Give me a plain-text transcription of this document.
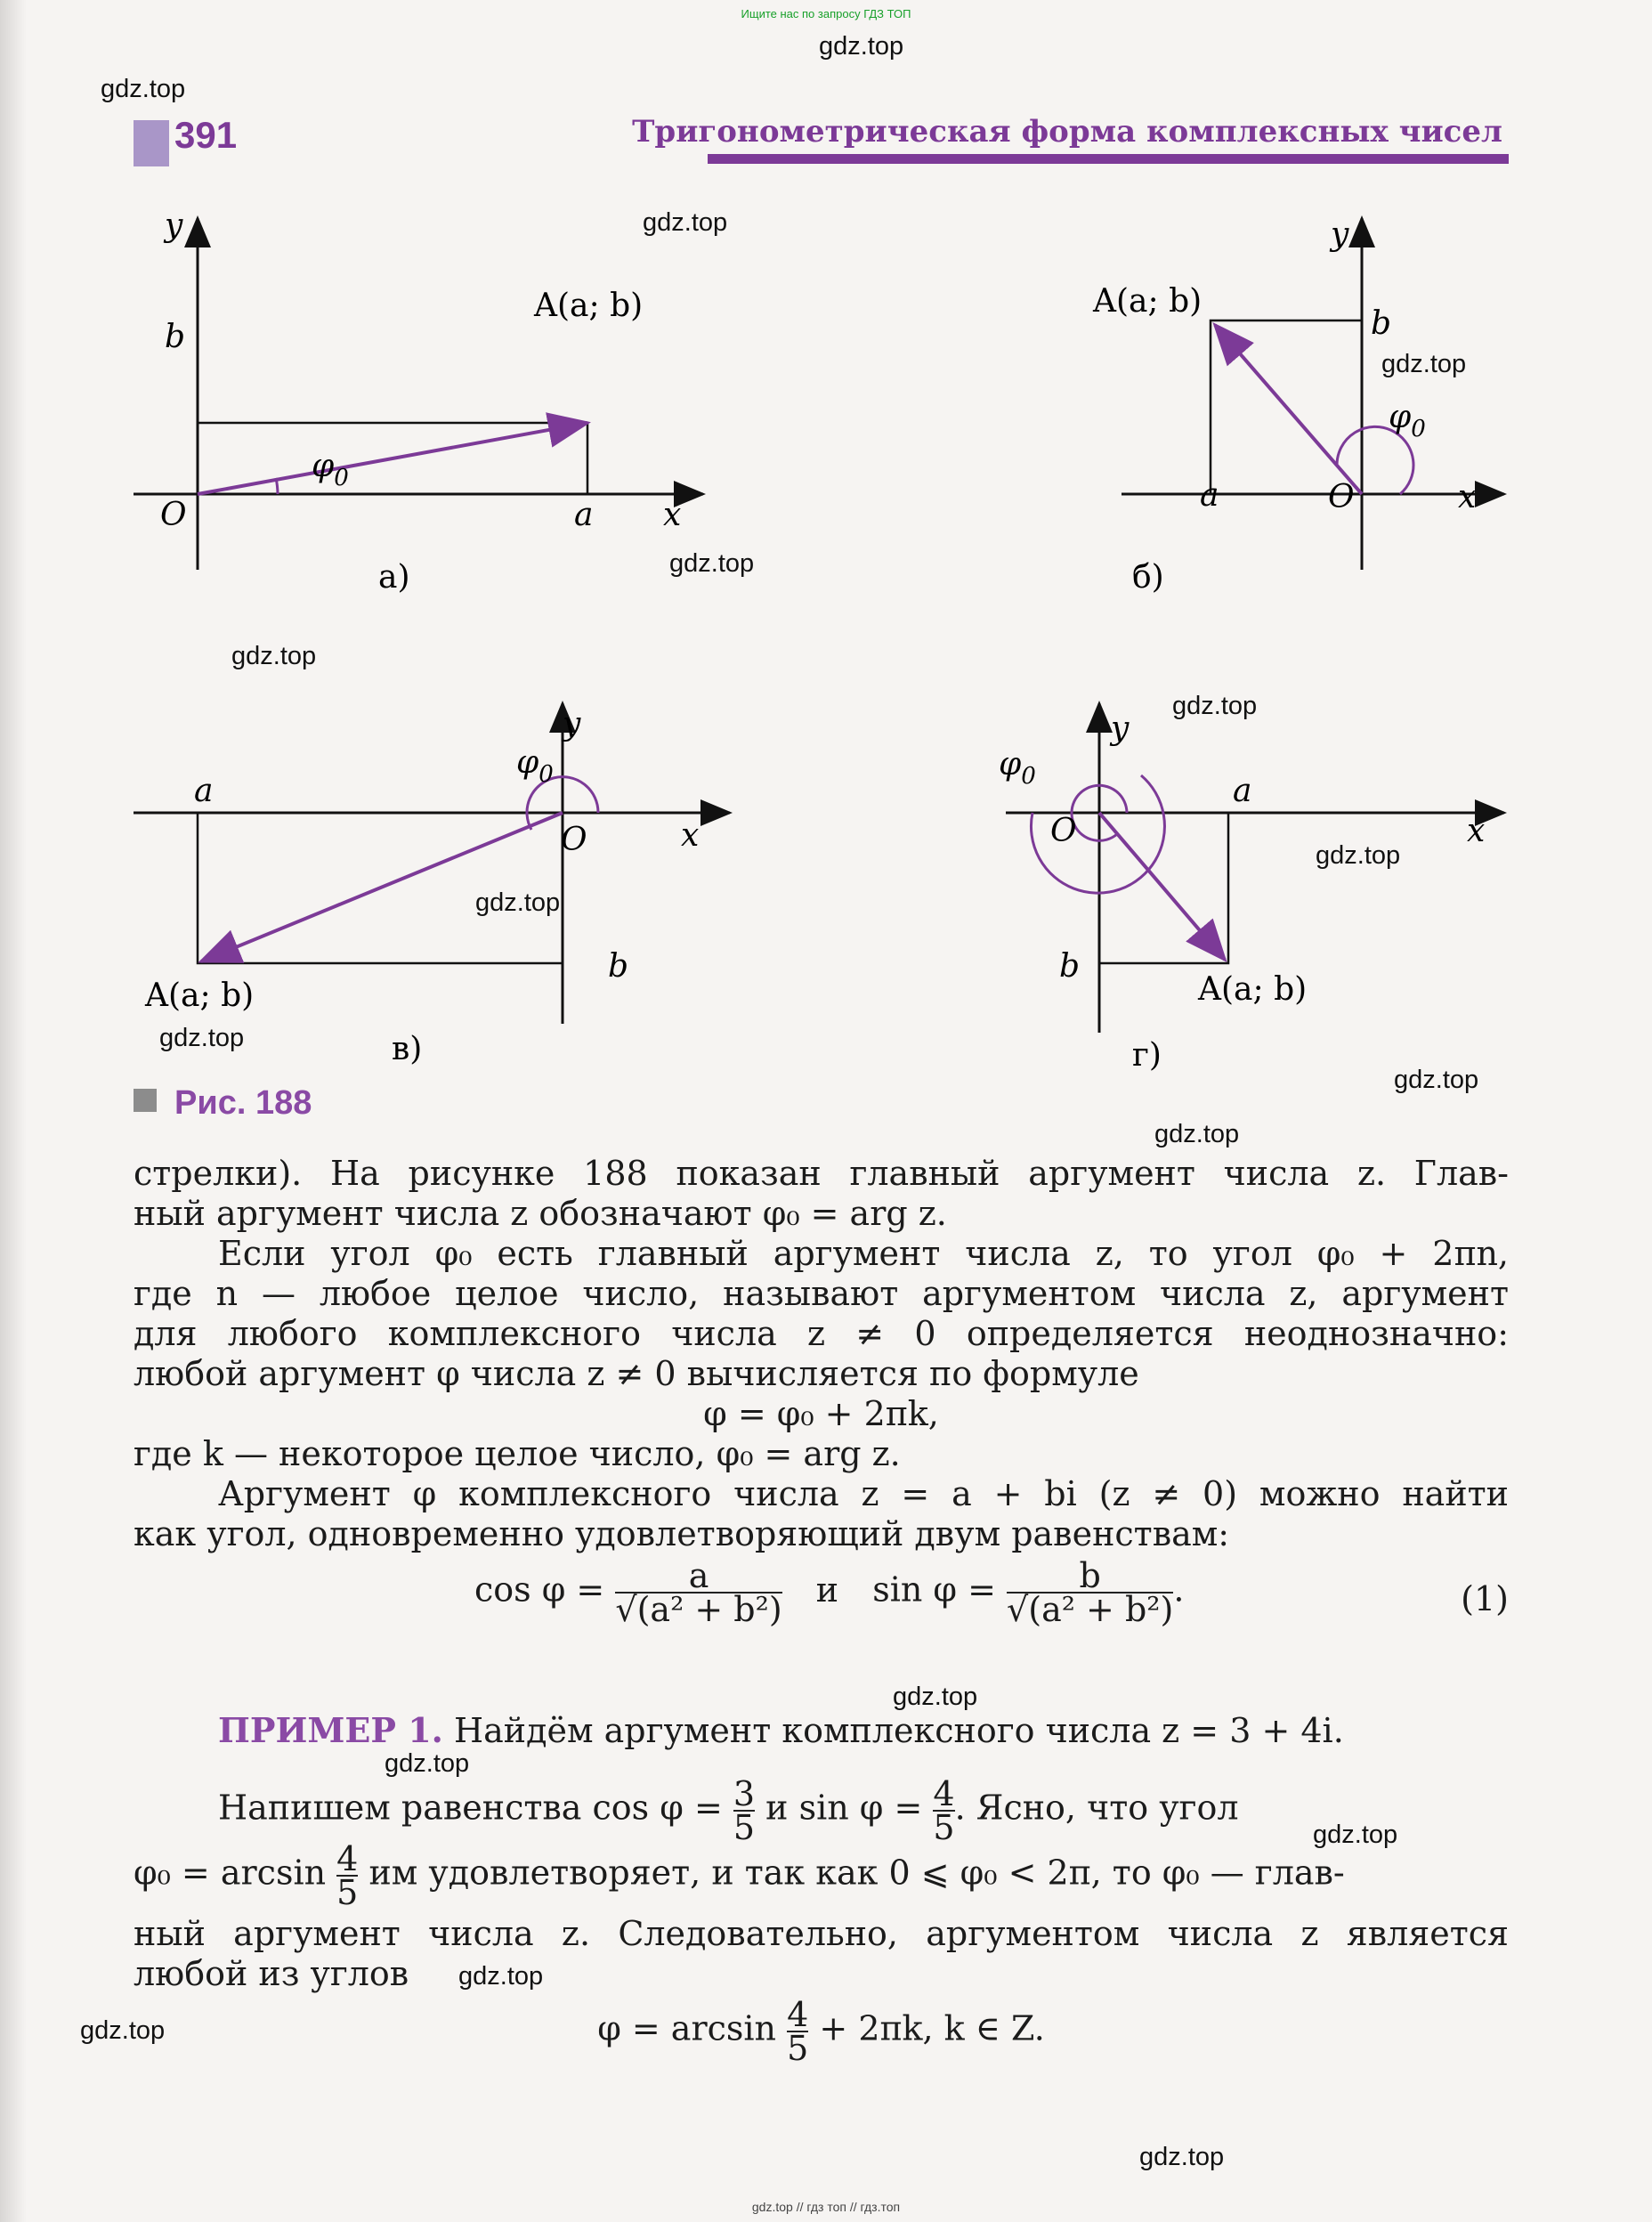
Ищите нас по запросу ГДЗ ТОП
gdz.top
gdz.top
391	Тригонометрическая форма комплексных чисел
y
b
A(a; b)
O	a x
$\varphi_0$
а)
y
A(a; b)
b
$\varphi_0$
a	O	x
б)
y
$\varphi_0$
a
O	x
b
A(a; b)
в)
y
$\varphi_0$	a
O	x
b
A(a; b)
г)
gdz.top
gdz.top
gdz.top
gdz.top
gdz.top
gdz.top
gdz.top
gdz.top
gdz.top
gdz.top
Рис. 188

стрелки). На рисунке 188 показан главный аргумент числа z. Глав-

ный аргумент числа z обозначают φ₀ = arg z.

Если угол φ₀ есть главный аргумент числа z, то угол φ₀ + 2πn,

где n — любое целое число, называют аргументом числа z, аргумент

для любого комплексного числа z ≠ 0 определяется неоднозначно:

любой аргумент φ числа z ≠ 0 вычисляется по формуле

φ = φ₀ + 2πk,

где k — некоторое целое число, φ₀ = arg z.

Аргумент φ комплексного числа z = a + bi (z ≠ 0) можно найти

как угол, одновременно удовлетворяющий двум равенствам:

$\cos \varphi = \frac{a}{\text{√(a² + b²)}}$ и $\sin \varphi = \frac{b}{\text{√(a² + b²)}}$ .	(1)
gdz.top

ПРИМЕР 1. Найдём аргумент комплексного числа z = 3 + 4i.

gdz.top
Напишем равенства $\cos \varphi = \frac{3}{5}$ и $\sin \varphi = \frac{4}{5}$ . Ясно, что угол
gdz.top
$\varphi_0 = \arcsin \frac{4}{5}$ им удовлетворяет, и так как 0 ⩽ φ₀ < 2π, то φ₀ — глав-

ный аргумент числа z. Следовательно, аргументом числа z является

любой из углов	gdz.top
gdz.top	$\varphi = \arcsin \frac{4}{5} + 2\pi k$, k ∈ Z.
gdz.top
gdz.top // гдз топ // гдз.топ
